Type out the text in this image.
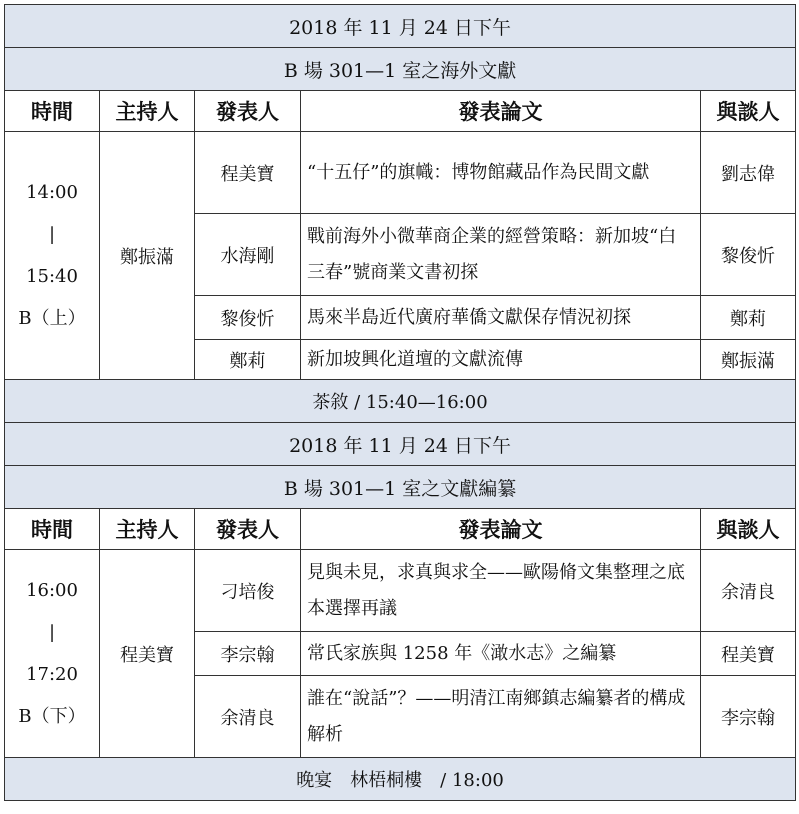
2018 年 11 月 24 日下午				
B 場 301—1 室之海外文獻				
時間	主持人	發表人	發表論文	與談人

14:00
|
15:40
B（上）	鄭振滿	程美寶	“十五仔”的旗幟：博物館藏品作為民間文獻	劉志偉
		水海剛	戰前海外小微華商企業的經營策略：新加坡“白三春”號商業文書初探	黎俊忻
		黎俊忻	馬來半島近代廣府華僑文獻保存情況初探	鄭莉
		鄭莉	新加坡興化道壇的文獻流傳	鄭振滿
茶敘 / 15:40—16:00				
2018 年 11 月 24 日下午				
B 場 301—1 室之文獻編纂				
時間	主持人	發表人	發表論文	與談人

16:00
|
17:20
B（下）	程美寶	刁培俊	見與未見，求真與求全——歐陽脩文集整理之底本選擇再議	余清良
		李宗翰	常氏家族與 1258 年《澉水志》之編纂	程美寶
		余清良	誰在“說話”？——明清江南鄉鎮志編纂者的構成解析	李宗翰
晚宴　林梧桐樓　/ 18:00				
